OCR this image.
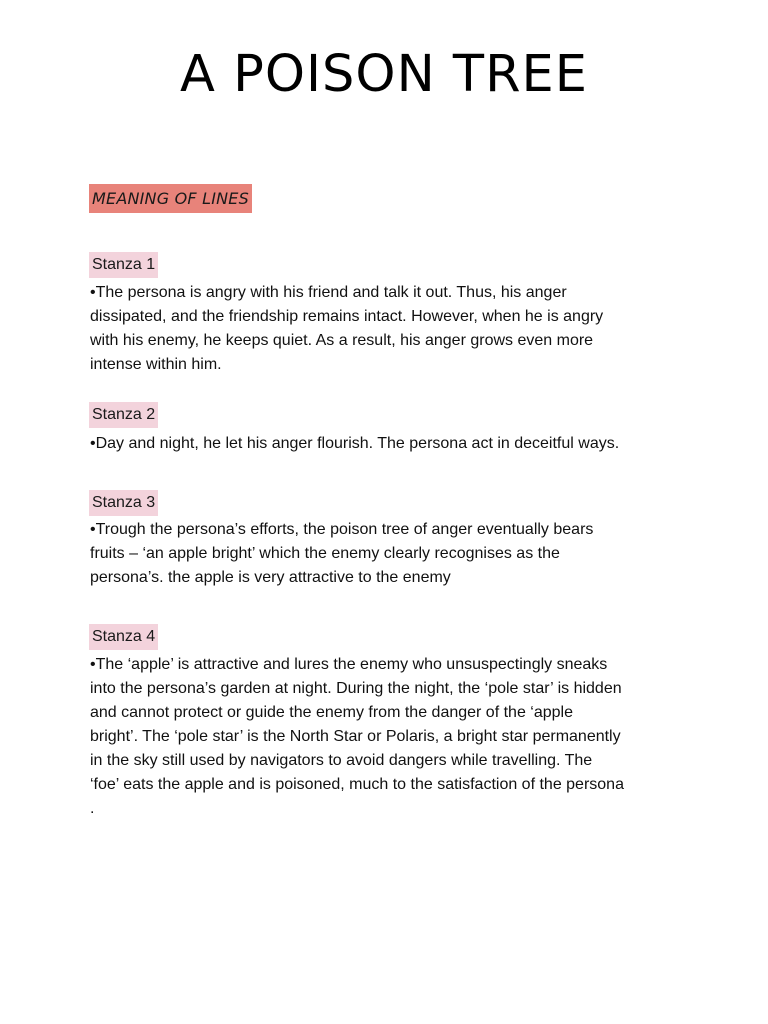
A POISON TREE
MEANING OF LINES
Stanza 1
•The persona is angry with his friend and talk it out. Thus, his anger
dissipated, and the friendship remains intact. However, when he is angry
with his enemy, he keeps quiet. As a result, his anger grows even more
intense within him.
Stanza 2
•Day and night, he let his anger flourish. The persona act in deceitful ways.
Stanza 3
•Trough the persona’s efforts, the poison tree of anger eventually bears
fruits – ‘an apple bright’ which the enemy clearly recognises as the
persona’s. the apple is very attractive to the enemy
Stanza 4
•The ‘apple’ is attractive and lures the enemy who unsuspectingly sneaks
into the persona’s garden at night. During the night, the ‘pole star’ is hidden
and cannot protect or guide the enemy from the danger of the ‘apple
bright’. The ‘pole star’ is the North Star or Polaris, a bright star permanently
in the sky still used by navigators to avoid dangers while travelling. The
‘foe’ eats the apple and is poisoned, much to the satisfaction of the persona
.
